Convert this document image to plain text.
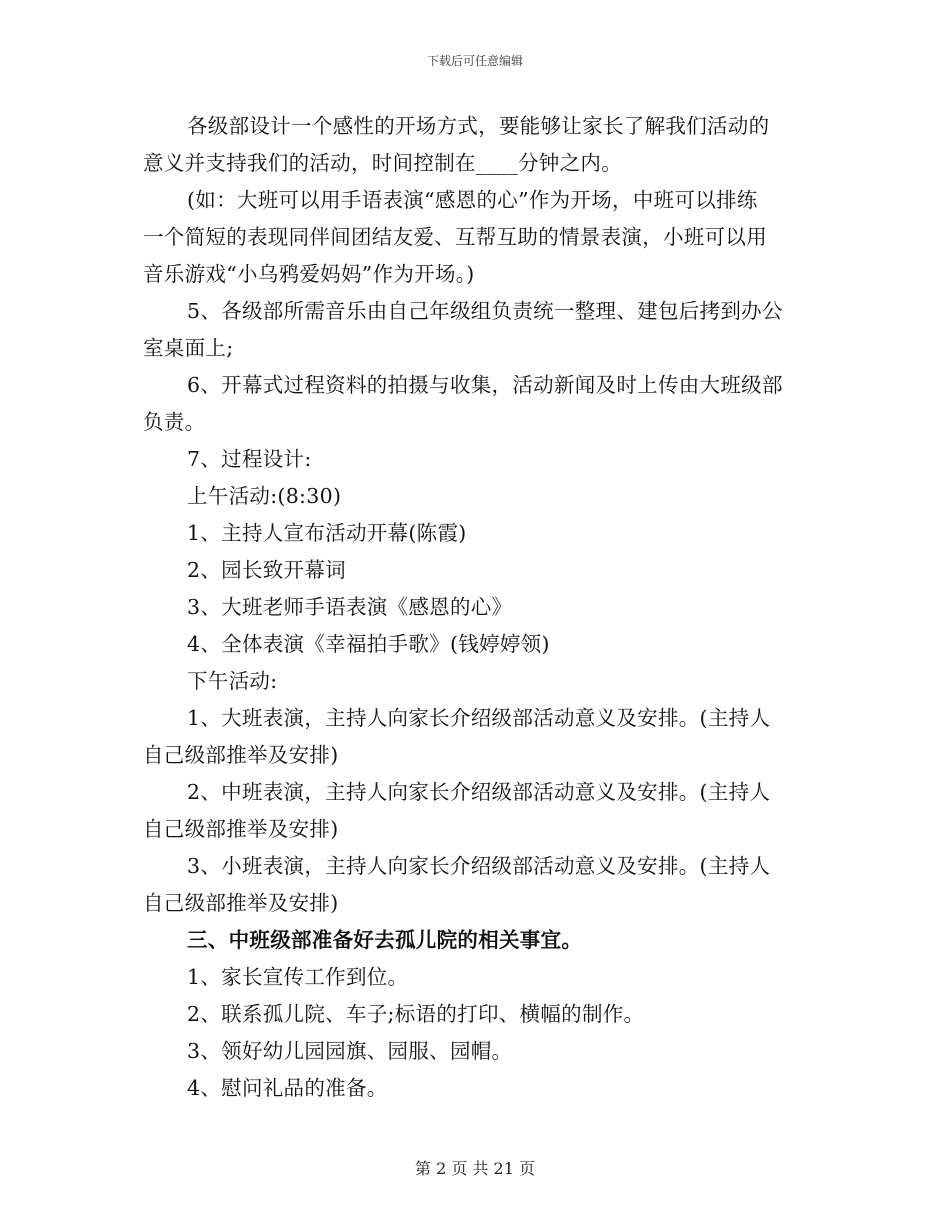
下载后可任意编辑
各级部设计一个感性的开场方式，要能够让家长了解我们活动的
意义并支持我们的活动，时间控制在____分钟之内。
(如：大班可以用手语表演“感恩的心”作为开场，中班可以排练
一个简短的表现同伴间团结友爱、互帮互助的情景表演，小班可以用
音乐游戏“小乌鸦爱妈妈”作为开场。)
5、各级部所需音乐由自己年级组负责统一整理、建包后拷到办公
室桌面上;
6、开幕式过程资料的拍摄与收集，活动新闻及时上传由大班级部
负责。
7、过程设计:
上午活动:(8:30)
1、主持人宣布活动开幕(陈霞)
2、园长致开幕词
3、大班老师手语表演《感恩的心》
4、全体表演《幸福拍手歌》(钱婷婷领)
下午活动:
1、大班表演，主持人向家长介绍级部活动意义及安排。(主持人
自己级部推举及安排)
2、中班表演，主持人向家长介绍级部活动意义及安排。(主持人
自己级部推举及安排)
3、小班表演，主持人向家长介绍级部活动意义及安排。(主持人
自己级部推举及安排)
三、中班级部准备好去孤儿院的相关事宜。
1、家长宣传工作到位。
2、联系孤儿院、车子;标语的打印、横幅的制作。
3、领好幼儿园园旗、园服、园帽。
4、慰问礼品的准备。
第 2 页 共 21 页
